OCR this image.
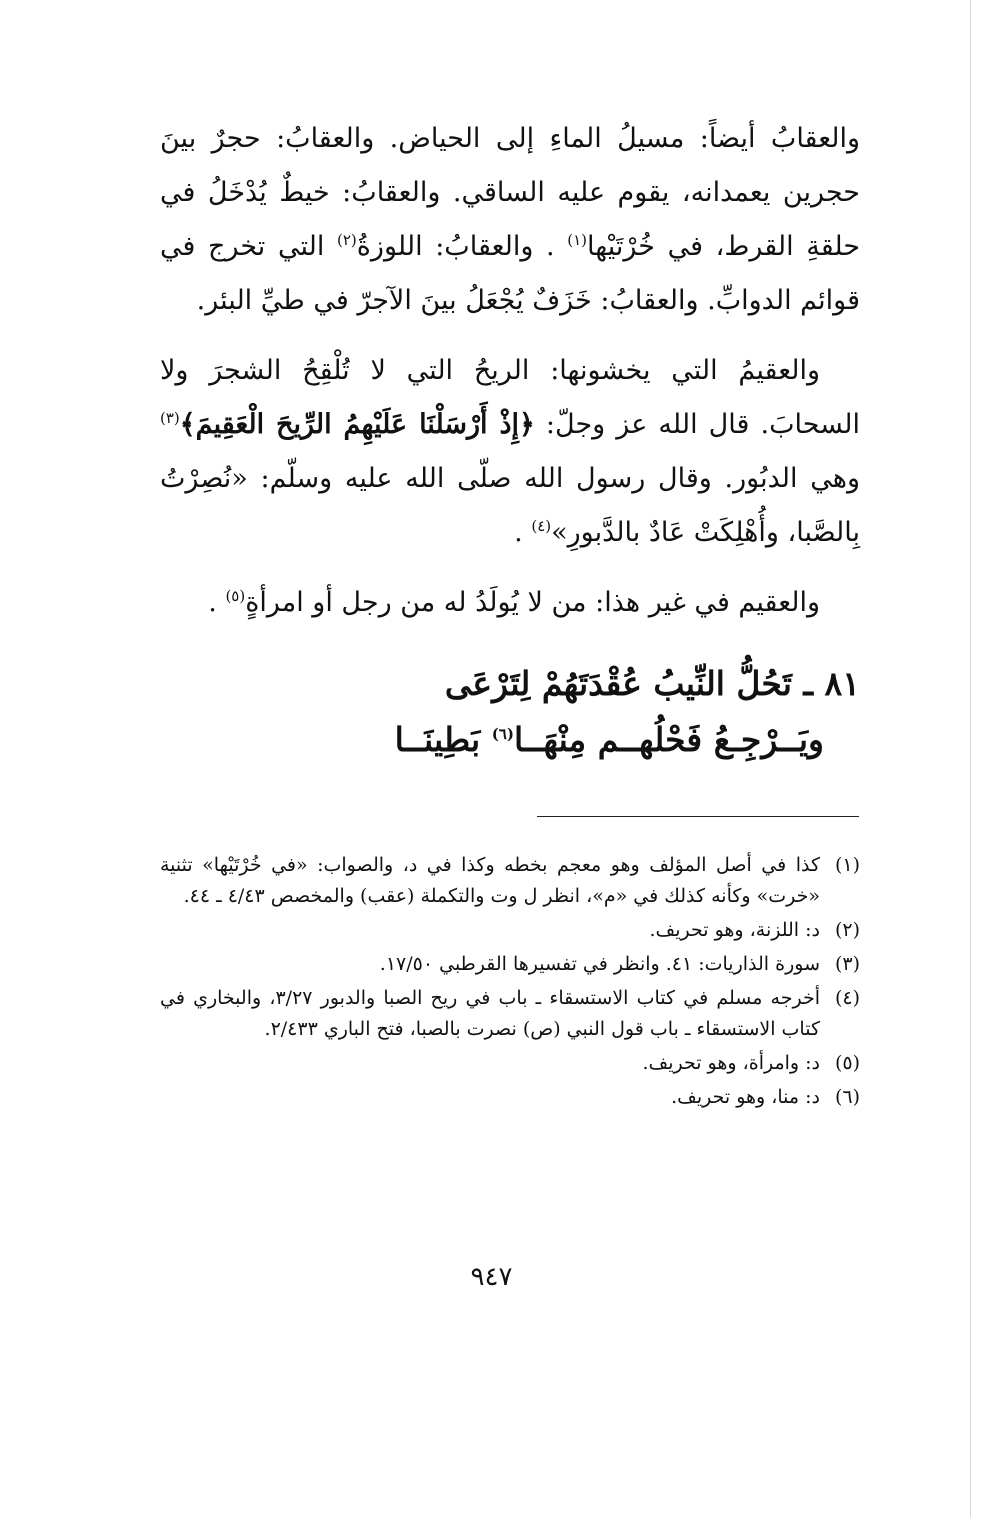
والعقابُ أيضاً: مسيلُ الماءِ إلى الحياض. والعقابُ: حجرٌ بينَ حجرين يعمدانه، يقوم عليه الساقي. والعقابُ: خيطٌ يُدْخَلُ في حلقةِ القرط، في خُرْتَيْها$^{(١)}$ . والعقابُ: اللوزةُ$^{(٢)}$ التي تخرج في قوائم الدوابِّ. والعقابُ: خَزَفٌ يُجْعَلُ بينَ الآجرّ في طيِّ البئر.

والعقيمُ التي يخشونها: الريحُ التي لا تُلْقِحُ الشجرَ ولا السحابَ. قال الله عز وجلّ: ﴿إِذْ أَرْسَلْنَا عَلَيْهِمُ الرِّيحَ الْعَقِيمَ﴾$^{(٣)}$ وهي الدبُور. وقال رسول الله صلّى الله عليه وسلّم: «نُصِرْتُ بِالصَّبا، وأُهْلِكَتْ عَادٌ بالدَّبورِ»$^{(٤)}$ .

والعقيم في غير هذا: من لا يُولَدُ له من رجل أو امرأةٍ$^{(٥)}$ .

٨١ ـ تَحُلُّ النِّيبُ عُقْدَتَهُمْ لِتَرْعَى
ويَــرْجِـعُ فَحْلُهــم مِنْهَــا$^{(٦)}$ بَطِينَــا
(١)
كذا في أصل المؤلف وهو معجم بخطه وكذا في د، والصواب: «في خُرْتَيْها» تثنية «خرت» وكأنه كذلك في «م»، انظر ل وت والتكملة (عقب) والمخصص ٤/٤٣ ـ ٤٤.
(٢)
د: اللزنة، وهو تحريف.
(٣)
سورة الذاريات: ٤١. وانظر في تفسيرها القرطبي ١٧/٥٠.
(٤)
أخرجه مسلم في كتاب الاستسقاء ـ باب في ريح الصبا والدبور ٣/٢٧، والبخاري في كتاب الاستسقاء ـ باب قول النبي (ص) نصرت بالصبا، فتح الباري ٢/٤٣٣.
(٥)
د: وامرأة، وهو تحريف.
(٦)
د: منا، وهو تحريف.
٩٤٧
